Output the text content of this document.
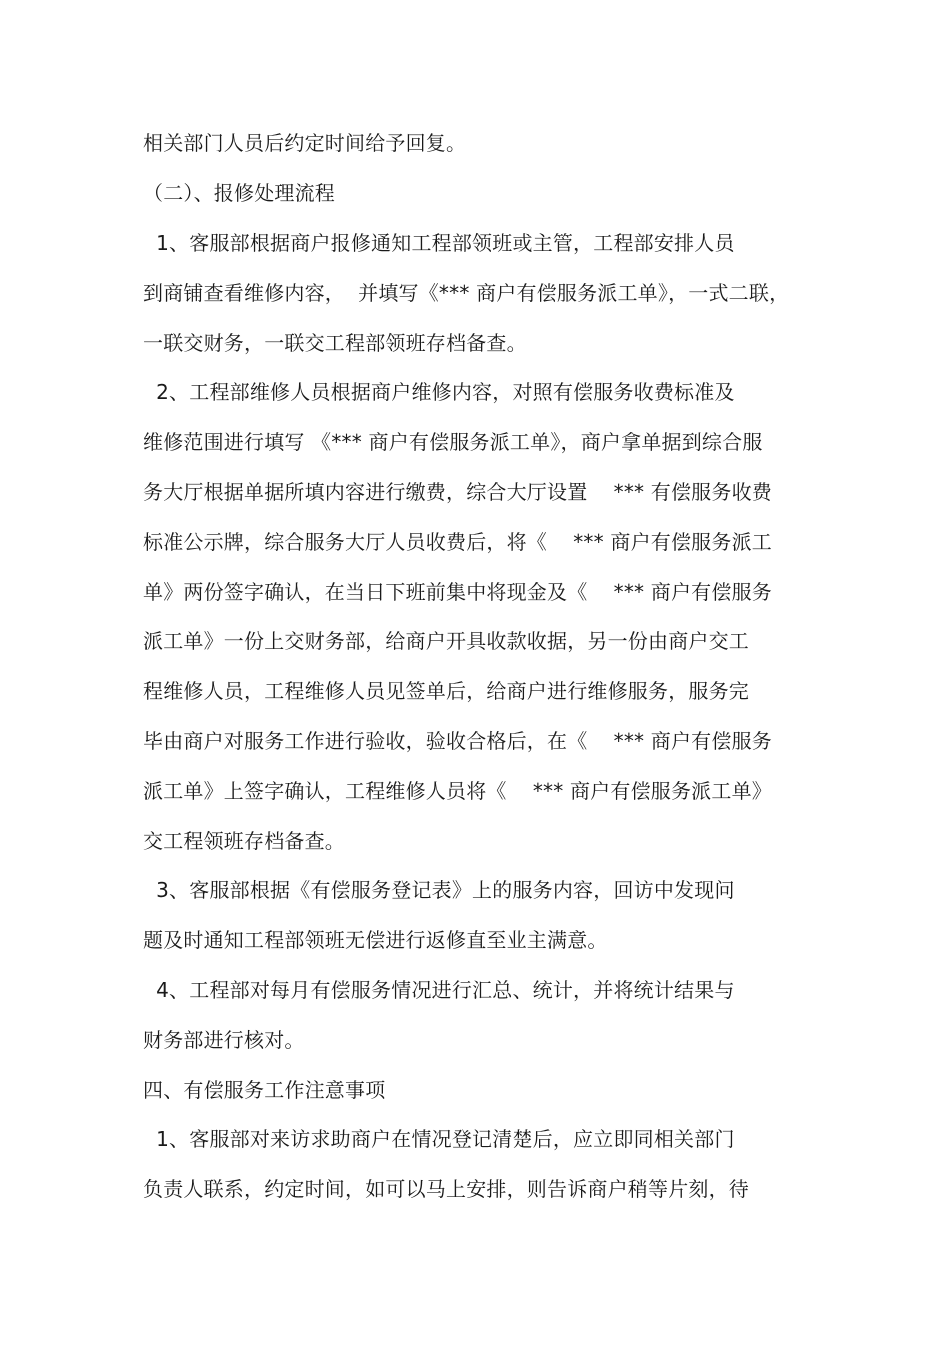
相关部门人员后约定时间给予回复。
（二）、报修处理流程
1、客服部根据商户报修通知工程部领班或主管，工程部安排人员
到商铺查看维修内容，  并填写《*** 商户有偿服务派工单》，一式二联，
一联交财务，一联交工程部领班存档备查。
2、工程部维修人员根据商户维修内容，对照有偿服务收费标准及
维修范围进行填写 《*** 商户有偿服务派工单》，商户拿单据到综合服
务大厅根据单据所填内容进行缴费，综合大厅设置    *** 有偿服务收费
标准公示牌，综合服务大厅人员收费后，将《    *** 商户有偿服务派工
单》两份签字确认，在当日下班前集中将现金及《    *** 商户有偿服务
派工单》一份上交财务部，给商户开具收款收据，另一份由商户交工
程维修人员，工程维修人员见签单后，给商户进行维修服务，服务完
毕由商户对服务工作进行验收，验收合格后，在《    *** 商户有偿服务
派工单》上签字确认，工程维修人员将《    *** 商户有偿服务派工单》
交工程领班存档备查。
3、客服部根据《有偿服务登记表》上的服务内容，回访中发现问
题及时通知工程部领班无偿进行返修直至业主满意。
4、工程部对每月有偿服务情况进行汇总、统计，并将统计结果与
财务部进行核对。
四、有偿服务工作注意事项
1、客服部对来访求助商户在情况登记清楚后，应立即同相关部门
负责人联系，约定时间，如可以马上安排，则告诉商户稍等片刻，待
